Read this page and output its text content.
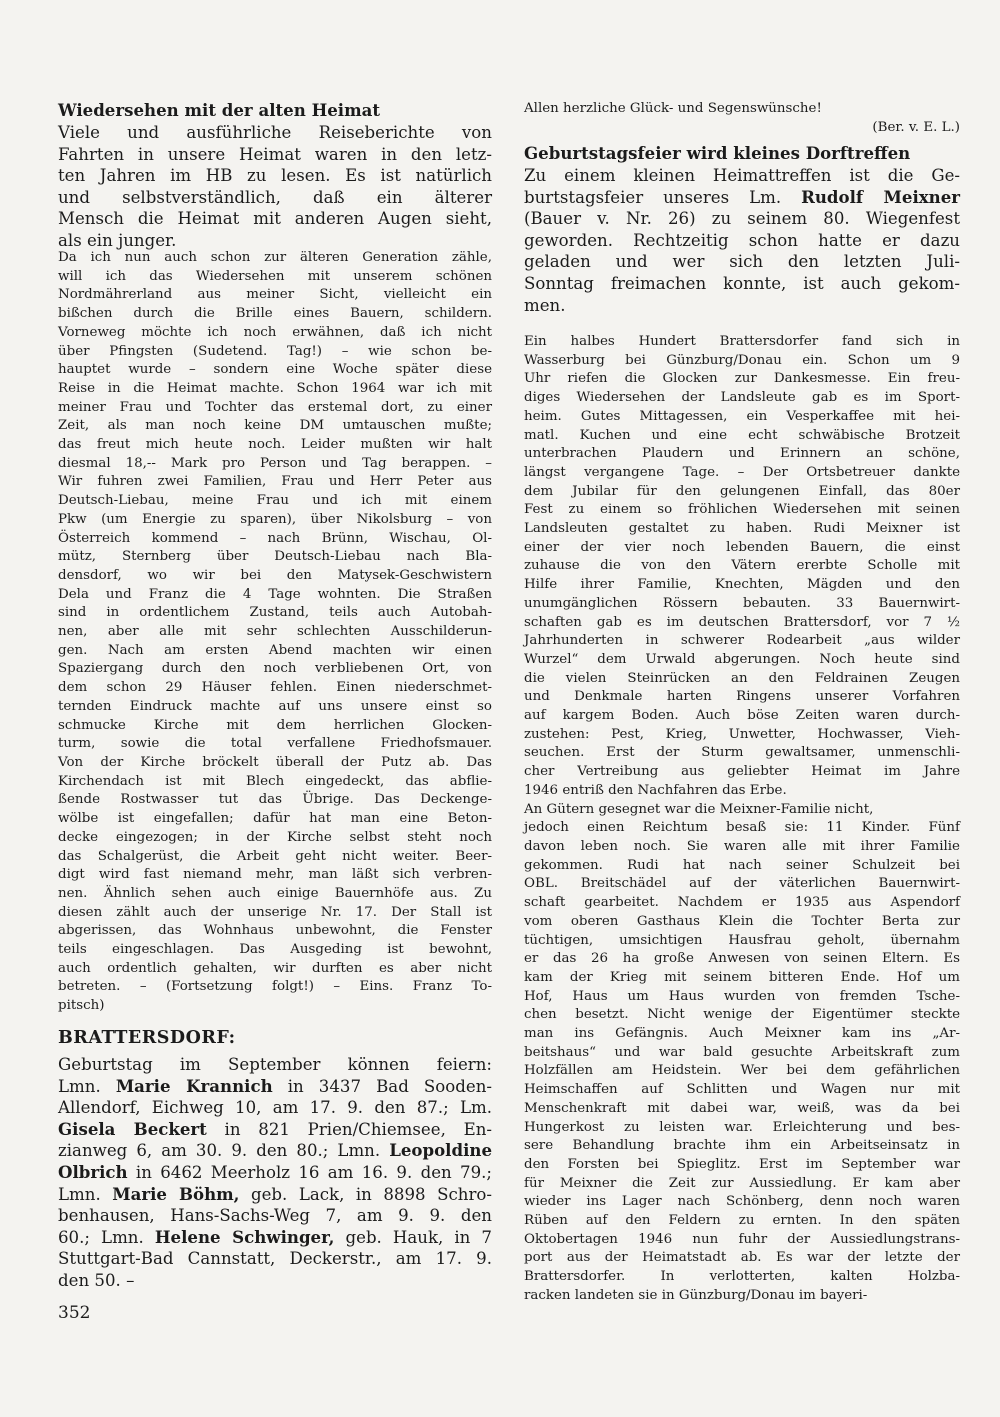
Wiedersehen mit der alten Heimat
Viele und ausführliche Reiseberichte von
Fahrten in unsere Heimat waren in den letz-
ten Jahren im HB zu lesen. Es ist natürlich
und selbstverständlich, daß ein älterer
Mensch die Heimat mit anderen Augen sieht,
als ein junger.
Da ich nun auch schon zur älteren Generation zähle,
will ich das Wiedersehen mit unserem schönen
Nordmährerland aus meiner Sicht, vielleicht ein
bißchen durch die Brille eines Bauern, schildern.
Vorneweg möchte ich noch erwähnen, daß ich nicht
über Pfingsten (Sudetend. Tag!) – wie schon be-
hauptet wurde – sondern eine Woche später diese
Reise in die Heimat machte. Schon 1964 war ich mit
meiner Frau und Tochter das erstemal dort, zu einer
Zeit, als man noch keine DM umtauschen mußte;
das freut mich heute noch. Leider mußten wir halt
diesmal 18,-- Mark pro Person und Tag berappen. –
Wir fuhren zwei Familien, Frau und Herr Peter aus
Deutsch-Liebau, meine Frau und ich mit einem
Pkw (um Energie zu sparen), über Nikolsburg – von
Österreich kommend – nach Brünn, Wischau, Ol-
mütz, Sternberg über Deutsch-Liebau nach Bla-
densdorf, wo wir bei den Matysek-Geschwistern
Dela und Franz die 4 Tage wohnten. Die Straßen
sind in ordentlichem Zustand, teils auch Autobah-
nen, aber alle mit sehr schlechten Ausschilderun-
gen. Nach am ersten Abend machten wir einen
Spaziergang durch den noch verbliebenen Ort, von
dem schon 29 Häuser fehlen. Einen niederschmet-
ternden Eindruck machte auf uns unsere einst so
schmucke Kirche mit dem herrlichen Glocken-
turm, sowie die total verfallene Friedhofsmauer.
Von der Kirche bröckelt überall der Putz ab. Das
Kirchendach ist mit Blech eingedeckt, das abflie-
ßende Rostwasser tut das Übrige. Das Deckenge-
wölbe ist eingefallen; dafür hat man eine Beton-
decke eingezogen; in der Kirche selbst steht noch
das Schalgerüst, die Arbeit geht nicht weiter. Beer-
digt wird fast niemand mehr, man läßt sich verbren-
nen. Ähnlich sehen auch einige Bauernhöfe aus. Zu
diesen zählt auch der unserige Nr. 17. Der Stall ist
abgerissen, das Wohnhaus unbewohnt, die Fenster
teils eingeschlagen. Das Ausgeding ist bewohnt,
auch ordentlich gehalten, wir durften es aber nicht
betreten. – (Fortsetzung folgt!) – Eins. Franz To-
pitsch)
BRATTERSDORF:
Geburtstag im September können feiern:
Lmn. Marie Krannich in 3437 Bad Sooden-
Allendorf, Eichweg 10, am 17. 9. den 87.; Lm.
Gisela Beckert in 821 Prien/Chiemsee, En-
zianweg 6, am 30. 9. den 80.; Lmn. Leopoldine
Olbrich in 6462 Meerholz 16 am 16. 9. den 79.;
Lmn. Marie Böhm, geb. Lack, in 8898 Schro-
benhausen, Hans-Sachs-Weg 7, am 9. 9. den
60.; Lmn. Helene Schwinger, geb. Hauk, in 7
Stuttgart-Bad Cannstatt, Deckerstr., am 17. 9.
den 50. –
Allen herzliche Glück- und Segenswünsche!
(Ber. v. E. L.)
Geburtstagsfeier wird kleines Dorftreffen
Zu einem kleinen Heimattreffen ist die Ge-
burtstagsfeier unseres Lm. Rudolf Meixner
(Bauer v. Nr. 26) zu seinem 80. Wiegenfest
geworden. Rechtzeitig schon hatte er dazu
geladen und wer sich den letzten Juli-
Sonntag freimachen konnte, ist auch gekom-
men.
Ein halbes Hundert Brattersdorfer fand sich in
Wasserburg bei Günzburg/Donau ein. Schon um 9
Uhr riefen die Glocken zur Dankesmesse. Ein freu-
diges Wiedersehen der Landsleute gab es im Sport-
heim. Gutes Mittagessen, ein Vesperkaffee mit hei-
matl. Kuchen und eine echt schwäbische Brotzeit
unterbrachen Plaudern und Erinnern an schöne,
längst vergangene Tage. – Der Ortsbetreuer dankte
dem Jubilar für den gelungenen Einfall, das 80er
Fest zu einem so fröhlichen Wiedersehen mit seinen
Landsleuten gestaltet zu haben. Rudi Meixner ist
einer der vier noch lebenden Bauern, die einst
zuhause die von den Vätern ererbte Scholle mit
Hilfe ihrer Familie, Knechten, Mägden und den
unumgänglichen Rössern bebauten. 33 Bauernwirt-
schaften gab es im deutschen Brattersdorf, vor 7 ½
Jahrhunderten in schwerer Rodearbeit „aus wilder
Wurzel“ dem Urwald abgerungen. Noch heute sind
die vielen Steinrücken an den Feldrainen Zeugen
und Denkmale harten Ringens unserer Vorfahren
auf kargem Boden. Auch böse Zeiten waren durch-
zustehen: Pest, Krieg, Unwetter, Hochwasser, Vieh-
seuchen. Erst der Sturm gewaltsamer, unmenschli-
cher Vertreibung aus geliebter Heimat im Jahre
1946 entriß den Nachfahren das Erbe.
An Gütern gesegnet war die Meixner-Familie nicht,
jedoch einen Reichtum besaß sie: 11 Kinder. Fünf
davon leben noch. Sie waren alle mit ihrer Familie
gekommen. Rudi hat nach seiner Schulzeit bei
OBL. Breitschädel auf der väterlichen Bauernwirt-
schaft gearbeitet. Nachdem er 1935 aus Aspendorf
vom oberen Gasthaus Klein die Tochter Berta zur
tüchtigen, umsichtigen Hausfrau geholt, übernahm
er das 26 ha große Anwesen von seinen Eltern. Es
kam der Krieg mit seinem bitteren Ende. Hof um
Hof, Haus um Haus wurden von fremden Tsche-
chen besetzt. Nicht wenige der Eigentümer steckte
man ins Gefängnis. Auch Meixner kam ins „Ar-
beitshaus“ und war bald gesuchte Arbeitskraft zum
Holzfällen am Heidstein. Wer bei dem gefährlichen
Heimschaffen auf Schlitten und Wagen nur mit
Menschenkraft mit dabei war, weiß, was da bei
Hungerkost zu leisten war. Erleichterung und bes-
sere Behandlung brachte ihm ein Arbeitseinsatz in
den Forsten bei Spieglitz. Erst im September war
für Meixner die Zeit zur Aussiedlung. Er kam aber
wieder ins Lager nach Schönberg, denn noch waren
Rüben auf den Feldern zu ernten. In den späten
Oktobertagen 1946 nun fuhr der Aussiedlungstrans-
port aus der Heimatstadt ab. Es war der letzte der
Brattersdorfer. In verlotterten, kalten Holzba-
racken landeten sie in Günzburg/Donau im bayeri-
352
